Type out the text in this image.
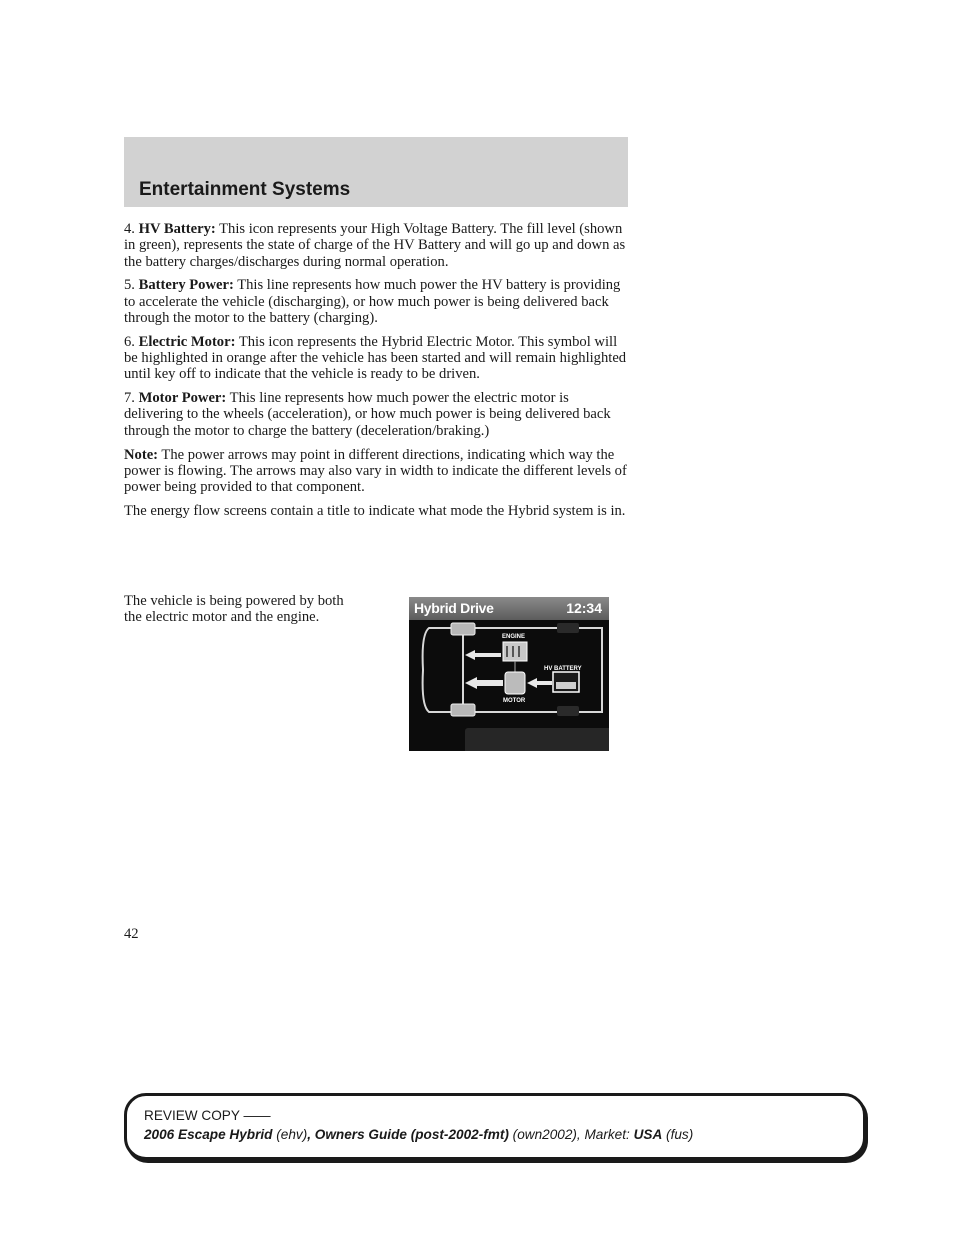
Entertainment Systems

4. HV Battery: This icon represents your High Voltage Battery. The fill level (shown in green), represents the state of charge of the HV Battery and will go up and down as the battery charges/discharges during normal operation.

5. Battery Power: This line represents how much power the HV battery is providing to accelerate the vehicle (discharging), or how much power is being delivered back through the motor to the battery (charging).

6. Electric Motor: This icon represents the Hybrid Electric Motor. This symbol will be highlighted in orange after the vehicle has been started and will remain highlighted until key off to indicate that the vehicle is ready to be driven.

7. Motor Power: This line represents how much power the electric motor is delivering to the wheels (acceleration), or how much power is being delivered back through the motor to charge the battery (deceleration/braking.)

Note: The power arrows may point in different directions, indicating which way the power is flowing. The arrows may also vary in width to indicate the different levels of power being provided to that component.

The energy flow screens contain a title to indicate what mode the Hybrid system is in.

The vehicle is being powered by both the electric motor and the engine.

Hybrid Drive	12:34
ENGINE
MOTOR
HV BATTERY
42
REVIEW COPY ——
2006 Escape Hybrid (ehv), Owners Guide (post-2002-fmt) (own2002), Market: USA (fus)
